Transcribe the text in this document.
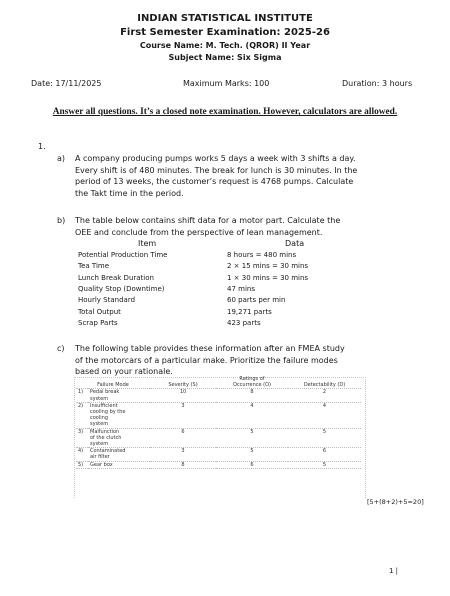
INDIAN STATISTICAL INSTITUTE
First Semester Examination: 2025-26
Course Name: M. Tech. (QROR) II Year
Subject Name: Six Sigma
Date: 17/11/2025	Maximum Marks: 100	Duration: 3 hours
Answer all questions. It’s a closed note examination. However, calculators are allowed.
1.
a) A company producing pumps works 5 days a week with 3 shifts a day.
Every shift is of 480 minutes. The break for lunch is 30 minutes. In the
period of 13 weeks, the customer’s request is 4768 pumps. Calculate
the Takt time in the period.
b) The table below contains shift data for a motor part. Calculate the
OEE and conclude from the perspective of lean management.
Item	Data
Potential Production Time	8 hours = 480 mins
Tea Time	2 × 15 mins = 30 mins
Lunch Break Duration	1 × 30 mins = 30 mins
Quality Stop (Downtime)	47 mins
Hourly Standard	60 parts per min
Total Output	19,271 parts
Scrap Parts	423 parts
c) The following table provides these information after an FMEA study
of the motorcars of a particular make. Prioritize the failure modes
based on your rationale.
			Ratings of	
Failure Mode		Severity (S)	Occurrence (O)	Detectability (D)
1)	Pedal break
system	10	8	2
2)	Insufficient
cooling by the
cooling
system	3	4	4
3)	Malfunction
of the clutch
system	6	5	5
4)	Contaminated
air filter	3	5	6
5)	Gear box	8	6	5
[5+(8+2)+5=20]
1 |
